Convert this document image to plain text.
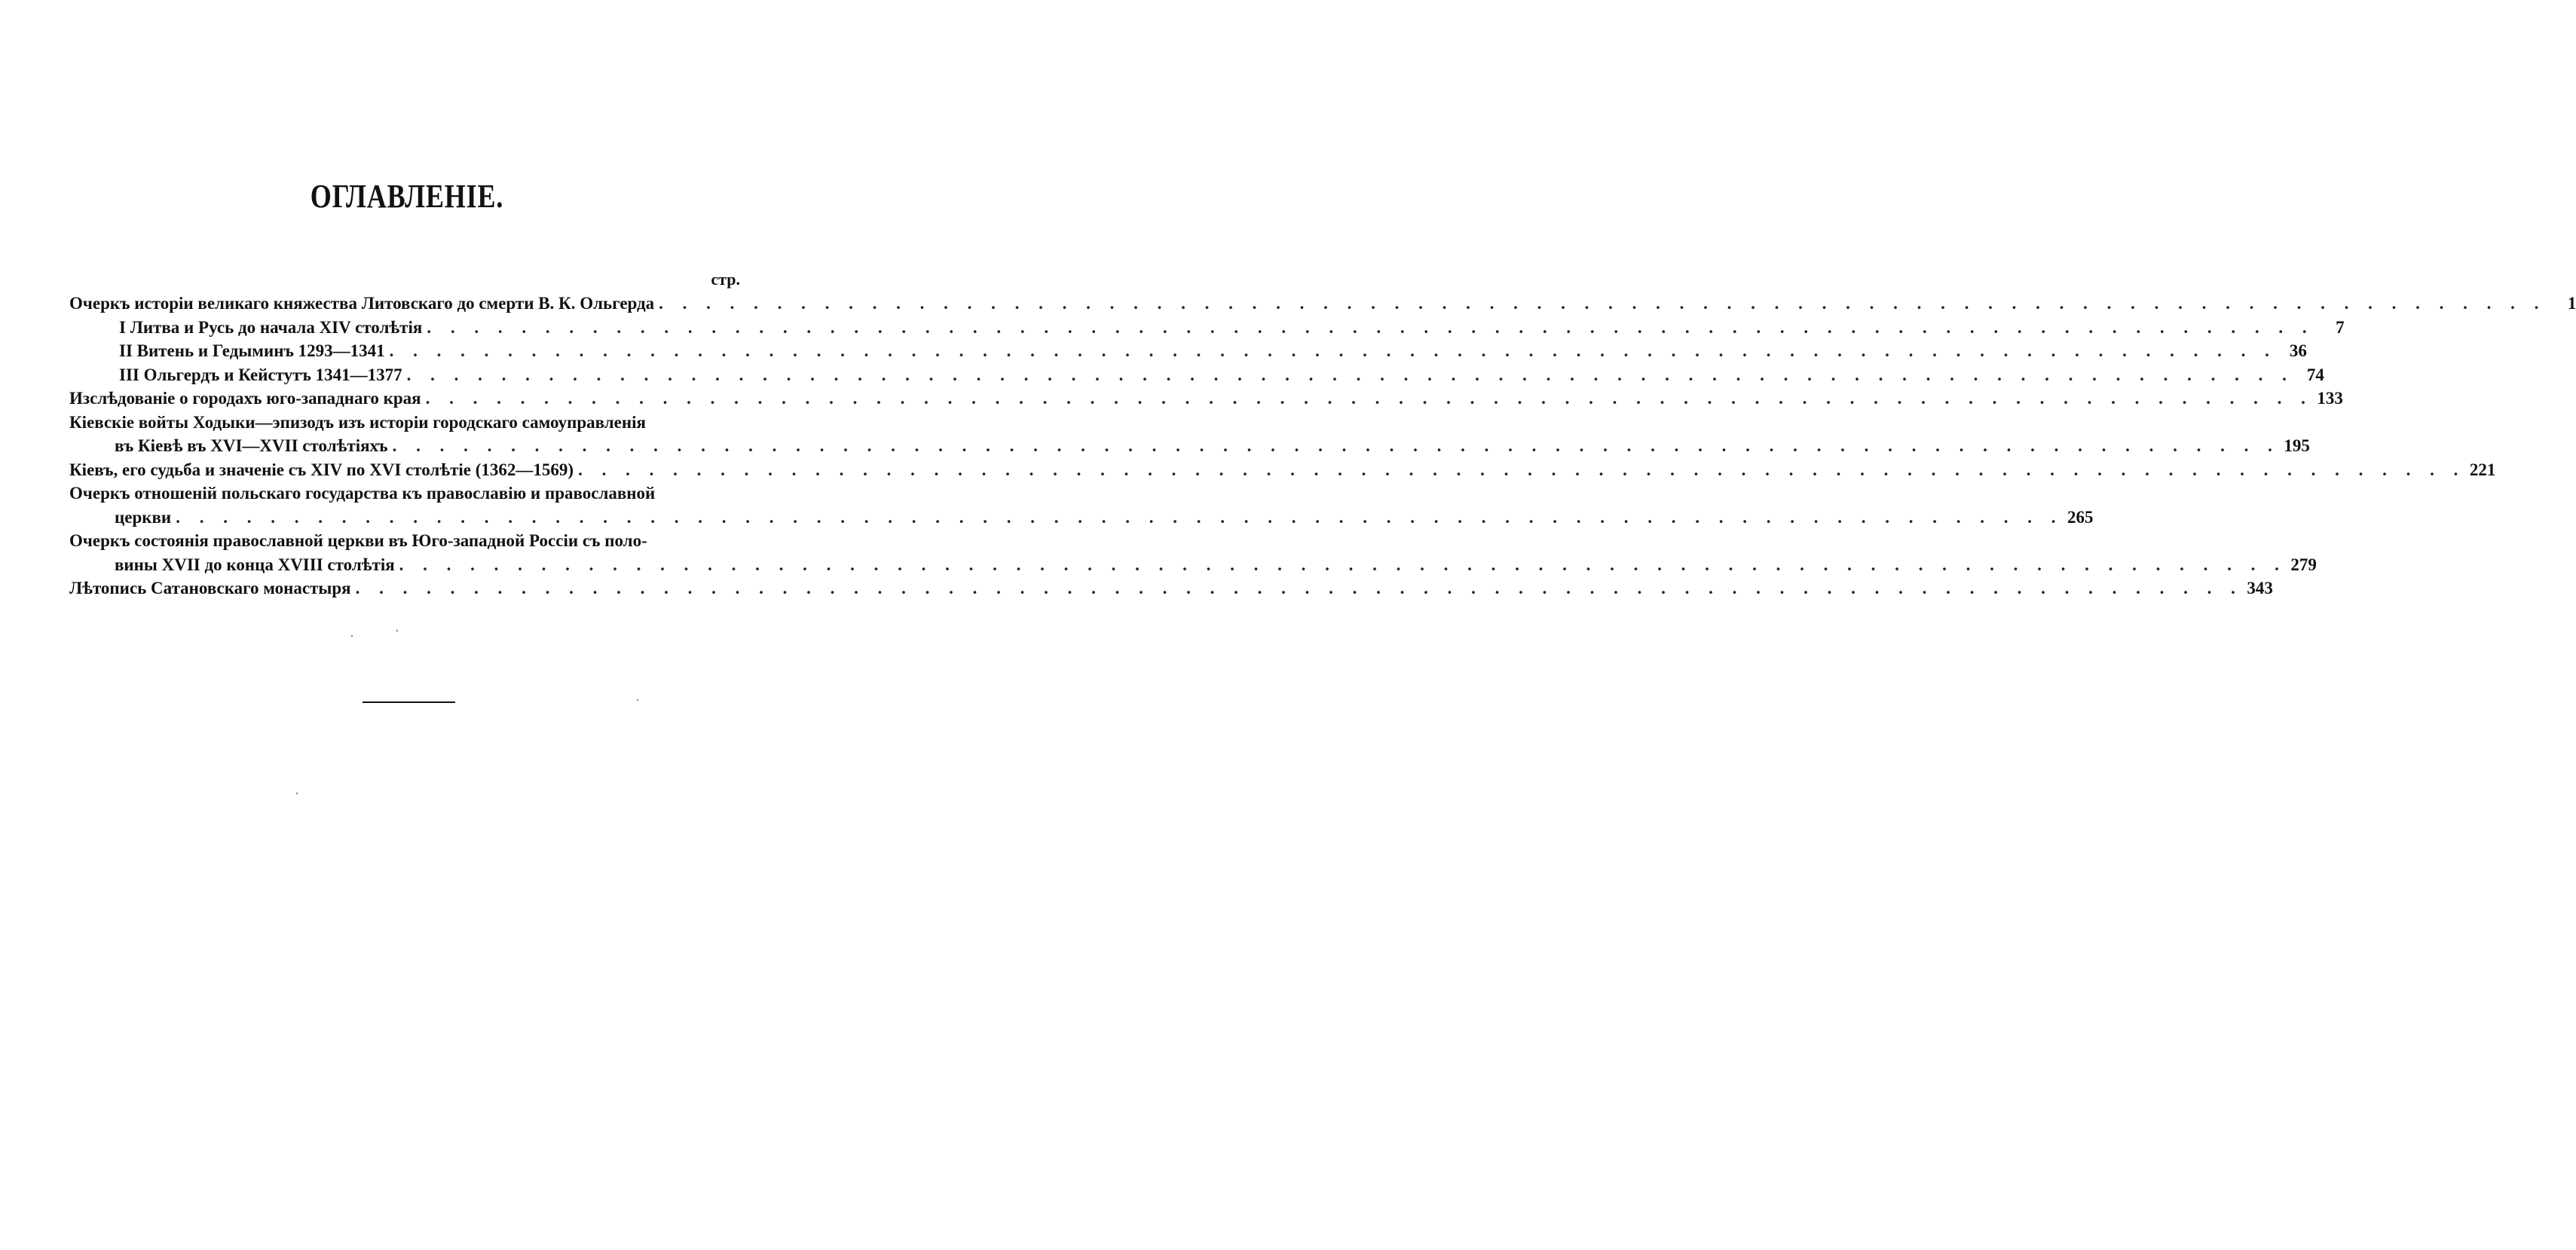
ОГЛАВЛЕНІЕ.
стр.
Очеркъ исторіи великаго княжества Литовскаго до смерти В. К. Ольгерда . . . . . . . . . . . . . . . . . . . . . . . . . . . . . . . . . . . . . . . . . . . . . . . . . . . . . . . . . . . . . . . . . . . . . . . . . . . . . . . .	1
I Литва и Русь до начала XIV столѣтія . . . . . . . . . . . . . . . . . . . . . . . . . . . . . . . . . . . . . . . . . . . . . . . . . . . . . . . . . . . . . . . . . . . . . . . . . . . . . . . .	7
II Витень и Гедыминъ 1293—1341 . . . . . . . . . . . . . . . . . . . . . . . . . . . . . . . . . . . . . . . . . . . . . . . . . . . . . . . . . . . . . . . . . . . . . . . . . . . . . . . . 36
III Ольгердъ и Кейстутъ 1341—1377 . . . . . . . . . . . . . . . . . . . . . . . . . . . . . . . . . . . . . . . . . . . . . . . . . . . . . . . . . . . . . . . . . . . . . . . . . . . . . . . . 74
Изслѣдованіе о городахъ юго-западнаго края . . . . . . . . . . . . . . . . . . . . . . . . . . . . . . . . . . . . . . . . . . . . . . . . . . . . . . . . . . . . . . . . . . . . . . . . . . . . . . . . 133
Кіевскіе войты Ходыки—эпизодъ изъ исторіи городскаго самоуправленія
въ Кіевѣ въ XVI—XVII столѣтіяхъ . . . . . . . . . . . . . . . . . . . . . . . . . . . . . . . . . . . . . . . . . . . . . . . . . . . . . . . . . . . . . . . . . . . . . . . . . . . . . . . . 195
Кіевъ, его судьба и значеніе съ XIV по XVI столѣтіе (1362—1569) . . . . . . . . . . . . . . . . . . . . . . . . . . . . . . . . . . . . . . . . . . . . . . . . . . . . . . . . . . . . . . . . . . . . . . . . . . . . . . . . 221
Очеркъ отношеній польскаго государства къ православію и православной
церкви . . . . . . . . . . . . . . . . . . . . . . . . . . . . . . . . . . . . . . . . . . . . . . . . . . . . . . . . . . . . . . . . . . . . . . . . . . . . . . . . 265
Очеркъ состоянія православной церкви въ Юго-западной Россіи съ поло-
вины XVII до конца XVIII столѣтія . . . . . . . . . . . . . . . . . . . . . . . . . . . . . . . . . . . . . . . . . . . . . . . . . . . . . . . . . . . . . . . . . . . . . . . . . . . . . . . . 279
Лѣтопись Сатановскаго монастыря . . . . . . . . . . . . . . . . . . . . . . . . . . . . . . . . . . . . . . . . . . . . . . . . . . . . . . . . . . . . . . . . . . . . . . . . . . . . . . . . 343
